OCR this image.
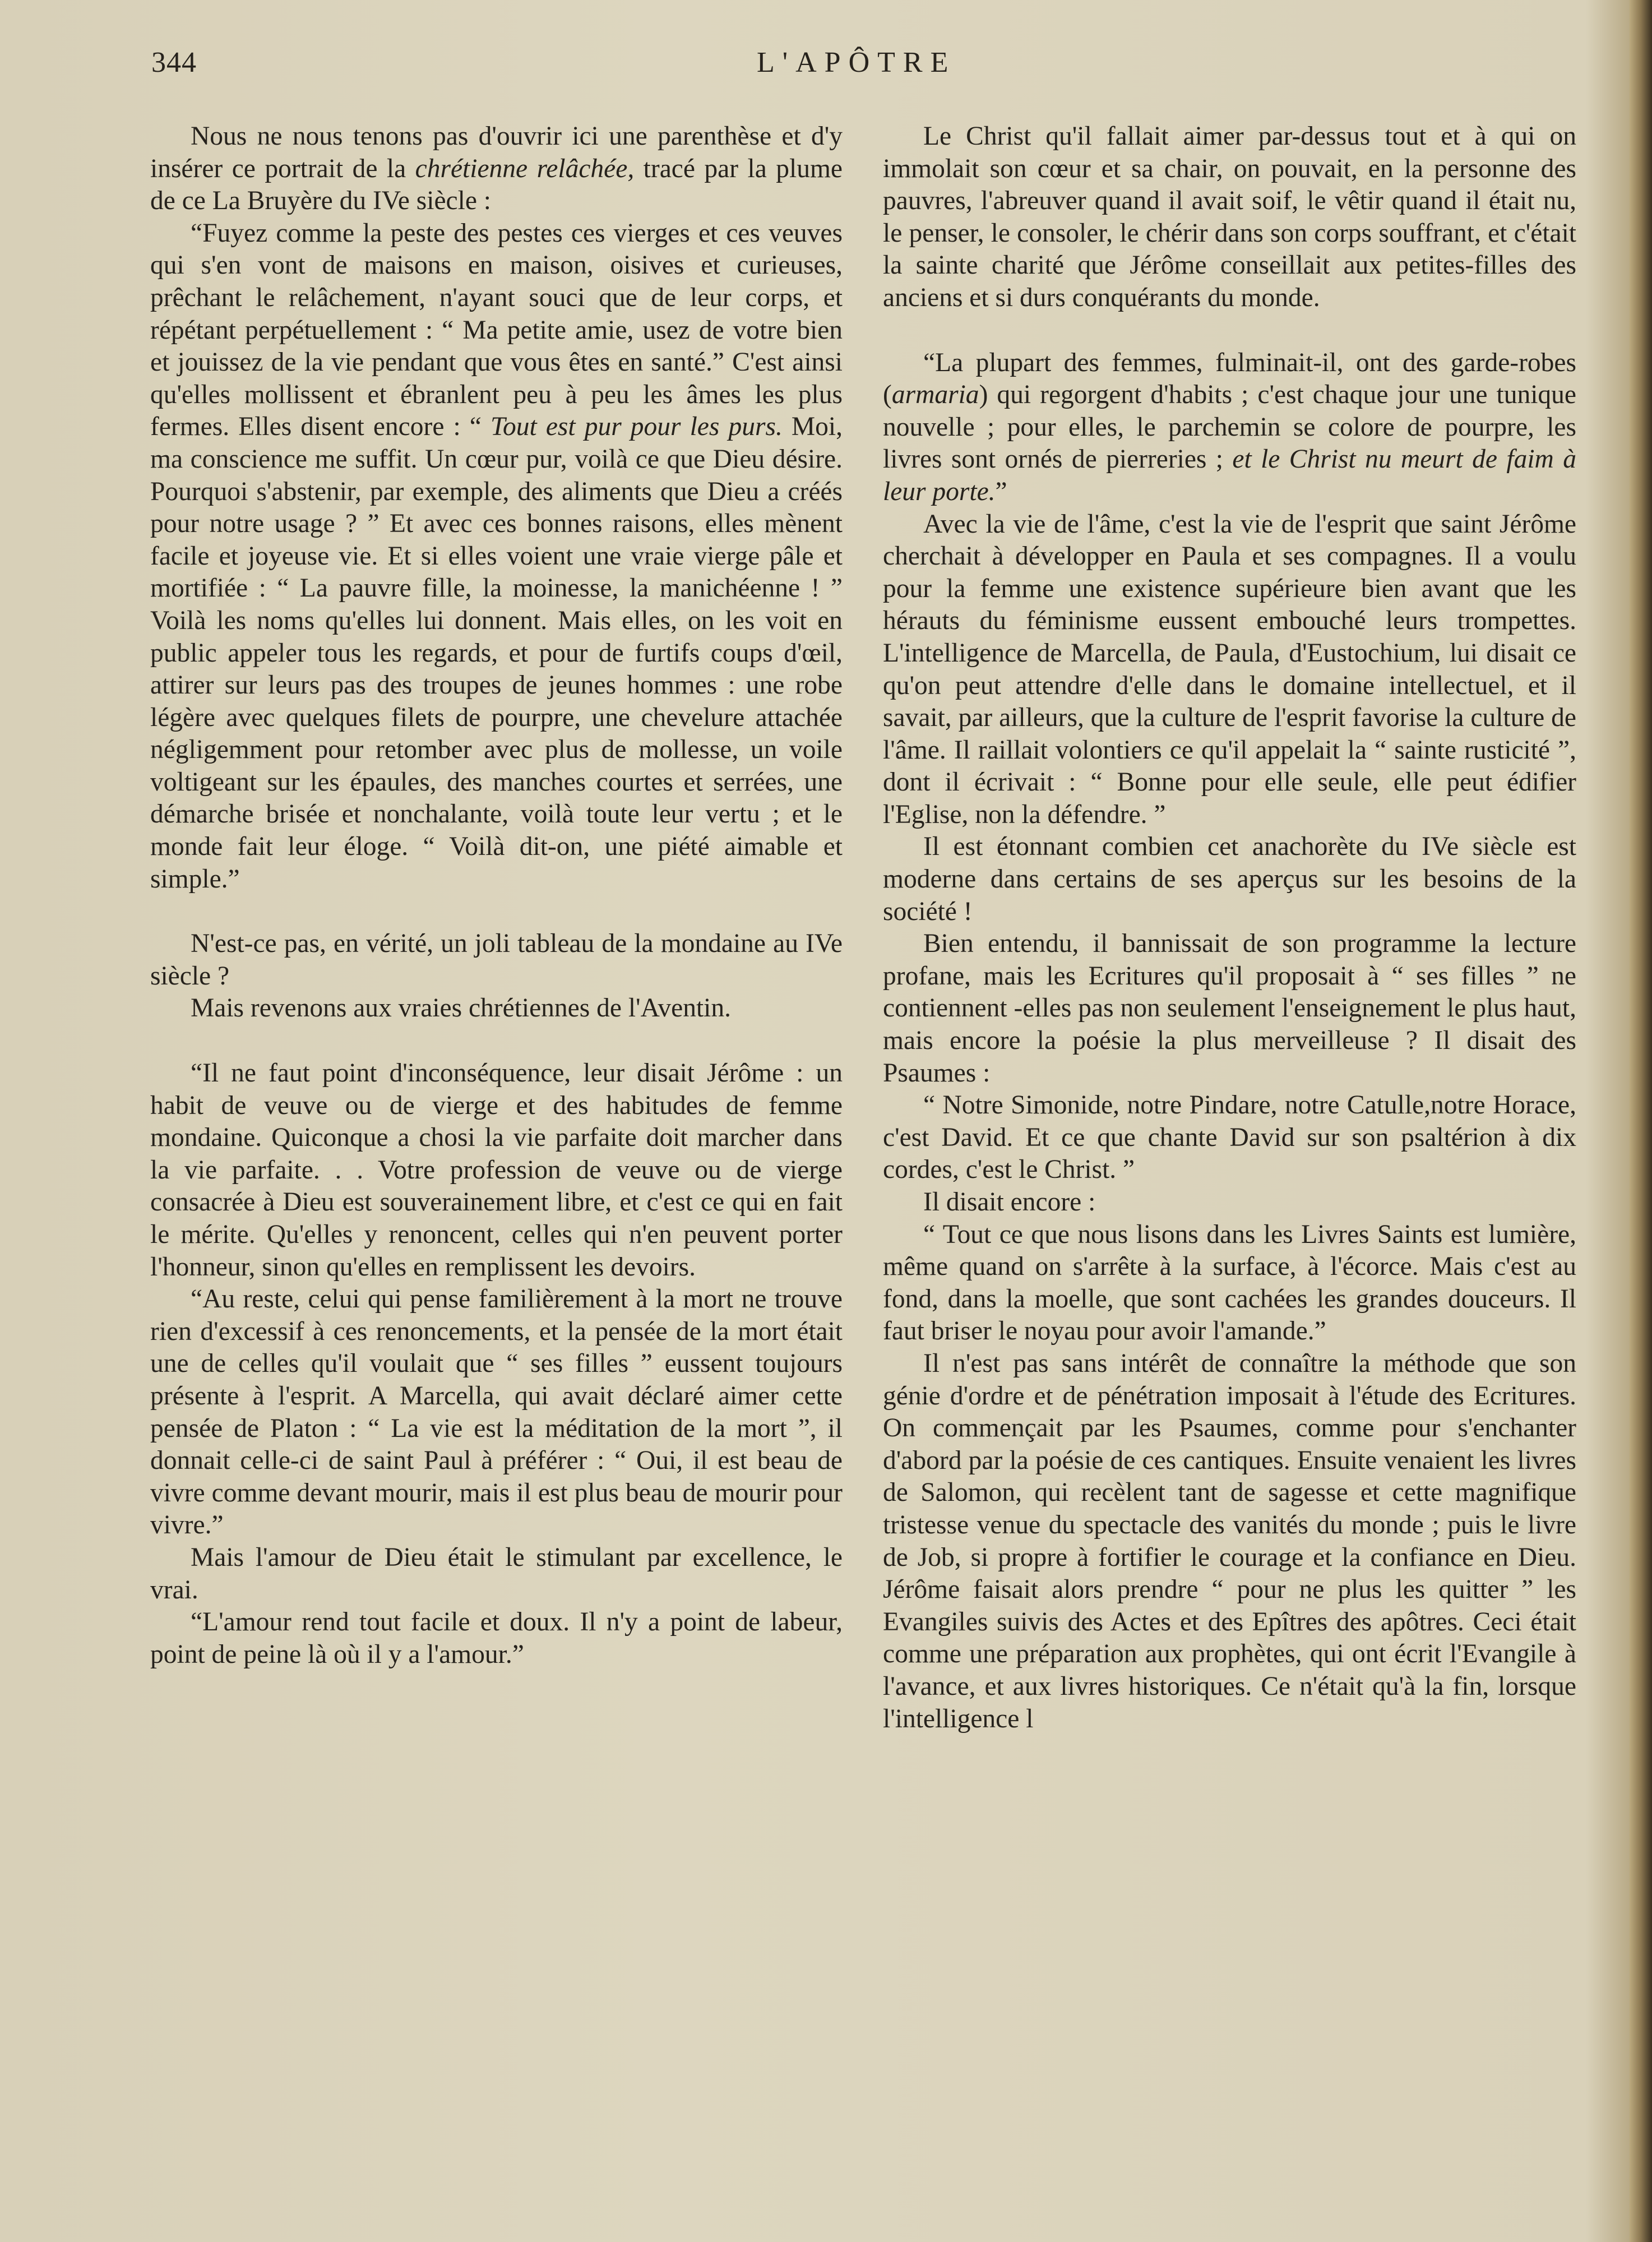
344	L'APÔTRE

Nous ne nous tenons pas d'ouvrir ici une parenthèse et d'y insérer ce portrait de la chrétienne relâchée, tracé par la plume de ce La Bruyère du IVe siècle :

“Fuyez comme la peste des pestes ces vierges et ces veuves qui s'en vont de maisons en maison, oisives et curieuses, prêchant le relâchement, n'ayant souci que de leur corps, et répétant perpétuellement : “ Ma petite amie, usez de votre bien et jouissez de la vie pendant que vous êtes en santé.” C'est ainsi qu'elles mollissent et ébranlent peu à peu les âmes les plus fermes. Elles disent encore : “ Tout est pur pour les purs. Moi, ma conscience me suffit. Un cœur pur, voilà ce que Dieu désire. Pourquoi s'abstenir, par exemple, des aliments que Dieu a créés pour notre usage ? ” Et avec ces bonnes raisons, elles mènent facile et joyeuse vie. Et si elles voient une vraie vierge pâle et mortifiée : “ La pauvre fille, la moinesse, la manichéenne ! ” Voilà les noms qu'elles lui donnent. Mais elles, on les voit en public appeler tous les regards, et pour de furtifs coups d'œil, attirer sur leurs pas des troupes de jeunes hommes : une robe légère avec quelques filets de pourpre, une chevelure attachée négligemment pour retomber avec plus de mollesse, un voile voltigeant sur les épaules, des manches courtes et serrées, une démarche brisée et nonchalante, voilà toute leur vertu ; et le monde fait leur éloge. “ Voilà dit-on, une piété aimable et simple.”

N'est-ce pas, en vérité, un joli tableau de la mondaine au IVe siècle ?

Mais revenons aux vraies chrétiennes de l'Aventin.

“Il ne faut point d'inconséquence, leur disait Jérôme : un habit de veuve ou de vierge et des habitudes de femme mondaine. Quiconque a chosi la vie parfaite doit marcher dans la vie parfaite. . . Votre profession de veuve ou de vierge consacrée à Dieu est souverainement libre, et c'est ce qui en fait le mérite. Qu'elles y renoncent, celles qui n'en peuvent porter l'honneur, sinon qu'elles en remplissent les devoirs.

“Au reste, celui qui pense familièrement à la mort ne trouve rien d'excessif à ces renoncements, et la pensée de la mort était une de celles qu'il voulait que “ ses filles ” eussent toujours présente à l'esprit. A Marcella, qui avait déclaré aimer cette pensée de Platon : “ La vie est la méditation de la mort ”, il donnait celle-ci de saint Paul à préférer : “ Oui, il est beau de vivre comme devant mourir, mais il est plus beau de mourir pour vivre.”

Mais l'amour de Dieu était le stimulant par excellence, le vrai.

“L'amour rend tout facile et doux. Il n'y a point de labeur, point de peine là où il y a l'amour.”

Le Christ qu'il fallait aimer par-dessus tout et à qui on immolait son cœur et sa chair, on pouvait, en la personne des pauvres, l'abreuver quand il avait soif, le vêtir quand il était nu, le penser, le consoler, le chérir dans son corps souffrant, et c'était la sainte charité que Jérôme conseillait aux petites-filles des anciens et si durs conquérants du monde.

“La plupart des femmes, fulminait-il, ont des garde-robes (armaria) qui regorgent d'habits ; c'est chaque jour une tunique nouvelle ; pour elles, le parchemin se colore de pourpre, les livres sont ornés de pierreries ; et le Christ nu meurt de faim à leur porte.”

Avec la vie de l'âme, c'est la vie de l'esprit que saint Jérôme cherchait à développer en Paula et ses compagnes. Il a voulu pour la femme une existence supérieure bien avant que les hérauts du féminisme eussent embouché leurs trompettes. L'intelligence de Marcella, de Paula, d'Eustochium, lui disait ce qu'on peut attendre d'elle dans le domaine intellectuel, et il savait, par ailleurs, que la culture de l'esprit favorise la culture de l'âme. Il raillait volontiers ce qu'il appelait la “ sainte rusticité ”, dont il écrivait : “ Bonne pour elle seule, elle peut édifier l'Eglise, non la défendre. ”

Il est étonnant combien cet anachorète du IVe siècle est moderne dans certains de ses aperçus sur les besoins de la société !

Bien entendu, il bannissait de son programme la lecture profane, mais les Ecritures qu'il proposait à “ ses filles ” ne contiennent -elles pas non seulement l'enseignement le plus haut, mais encore la poésie la plus merveilleuse ? Il disait des Psaumes :

“ Notre Simonide, notre Pindare, notre Catulle,notre Horace, c'est David. Et ce que chante David sur son psaltérion à dix cordes, c'est le Christ. ”

Il disait encore :

“ Tout ce que nous lisons dans les Livres Saints est lumière, même quand on s'arrête à la surface, à l'écorce. Mais c'est au fond, dans la moelle, que sont cachées les grandes douceurs. Il faut briser le noyau pour avoir l'amande.”

Il n'est pas sans intérêt de connaître la méthode que son génie d'ordre et de pénétration imposait à l'étude des Ecritures. On commençait par les Psaumes, comme pour s'enchanter d'abord par la poésie de ces cantiques. Ensuite venaient les livres de Salomon, qui recèlent tant de sagesse et cette magnifique tristesse venue du spectacle des vanités du monde ; puis le livre de Job, si propre à fortifier le courage et la confiance en Dieu. Jérôme faisait alors prendre “ pour ne plus les quitter ” les Evangiles suivis des Actes et des Epîtres des apôtres. Ceci était comme une préparation aux prophètes, qui ont écrit l'Evangile à l'avance, et aux livres historiques. Ce n'était qu'à la fin, lorsque l'intelligence l
